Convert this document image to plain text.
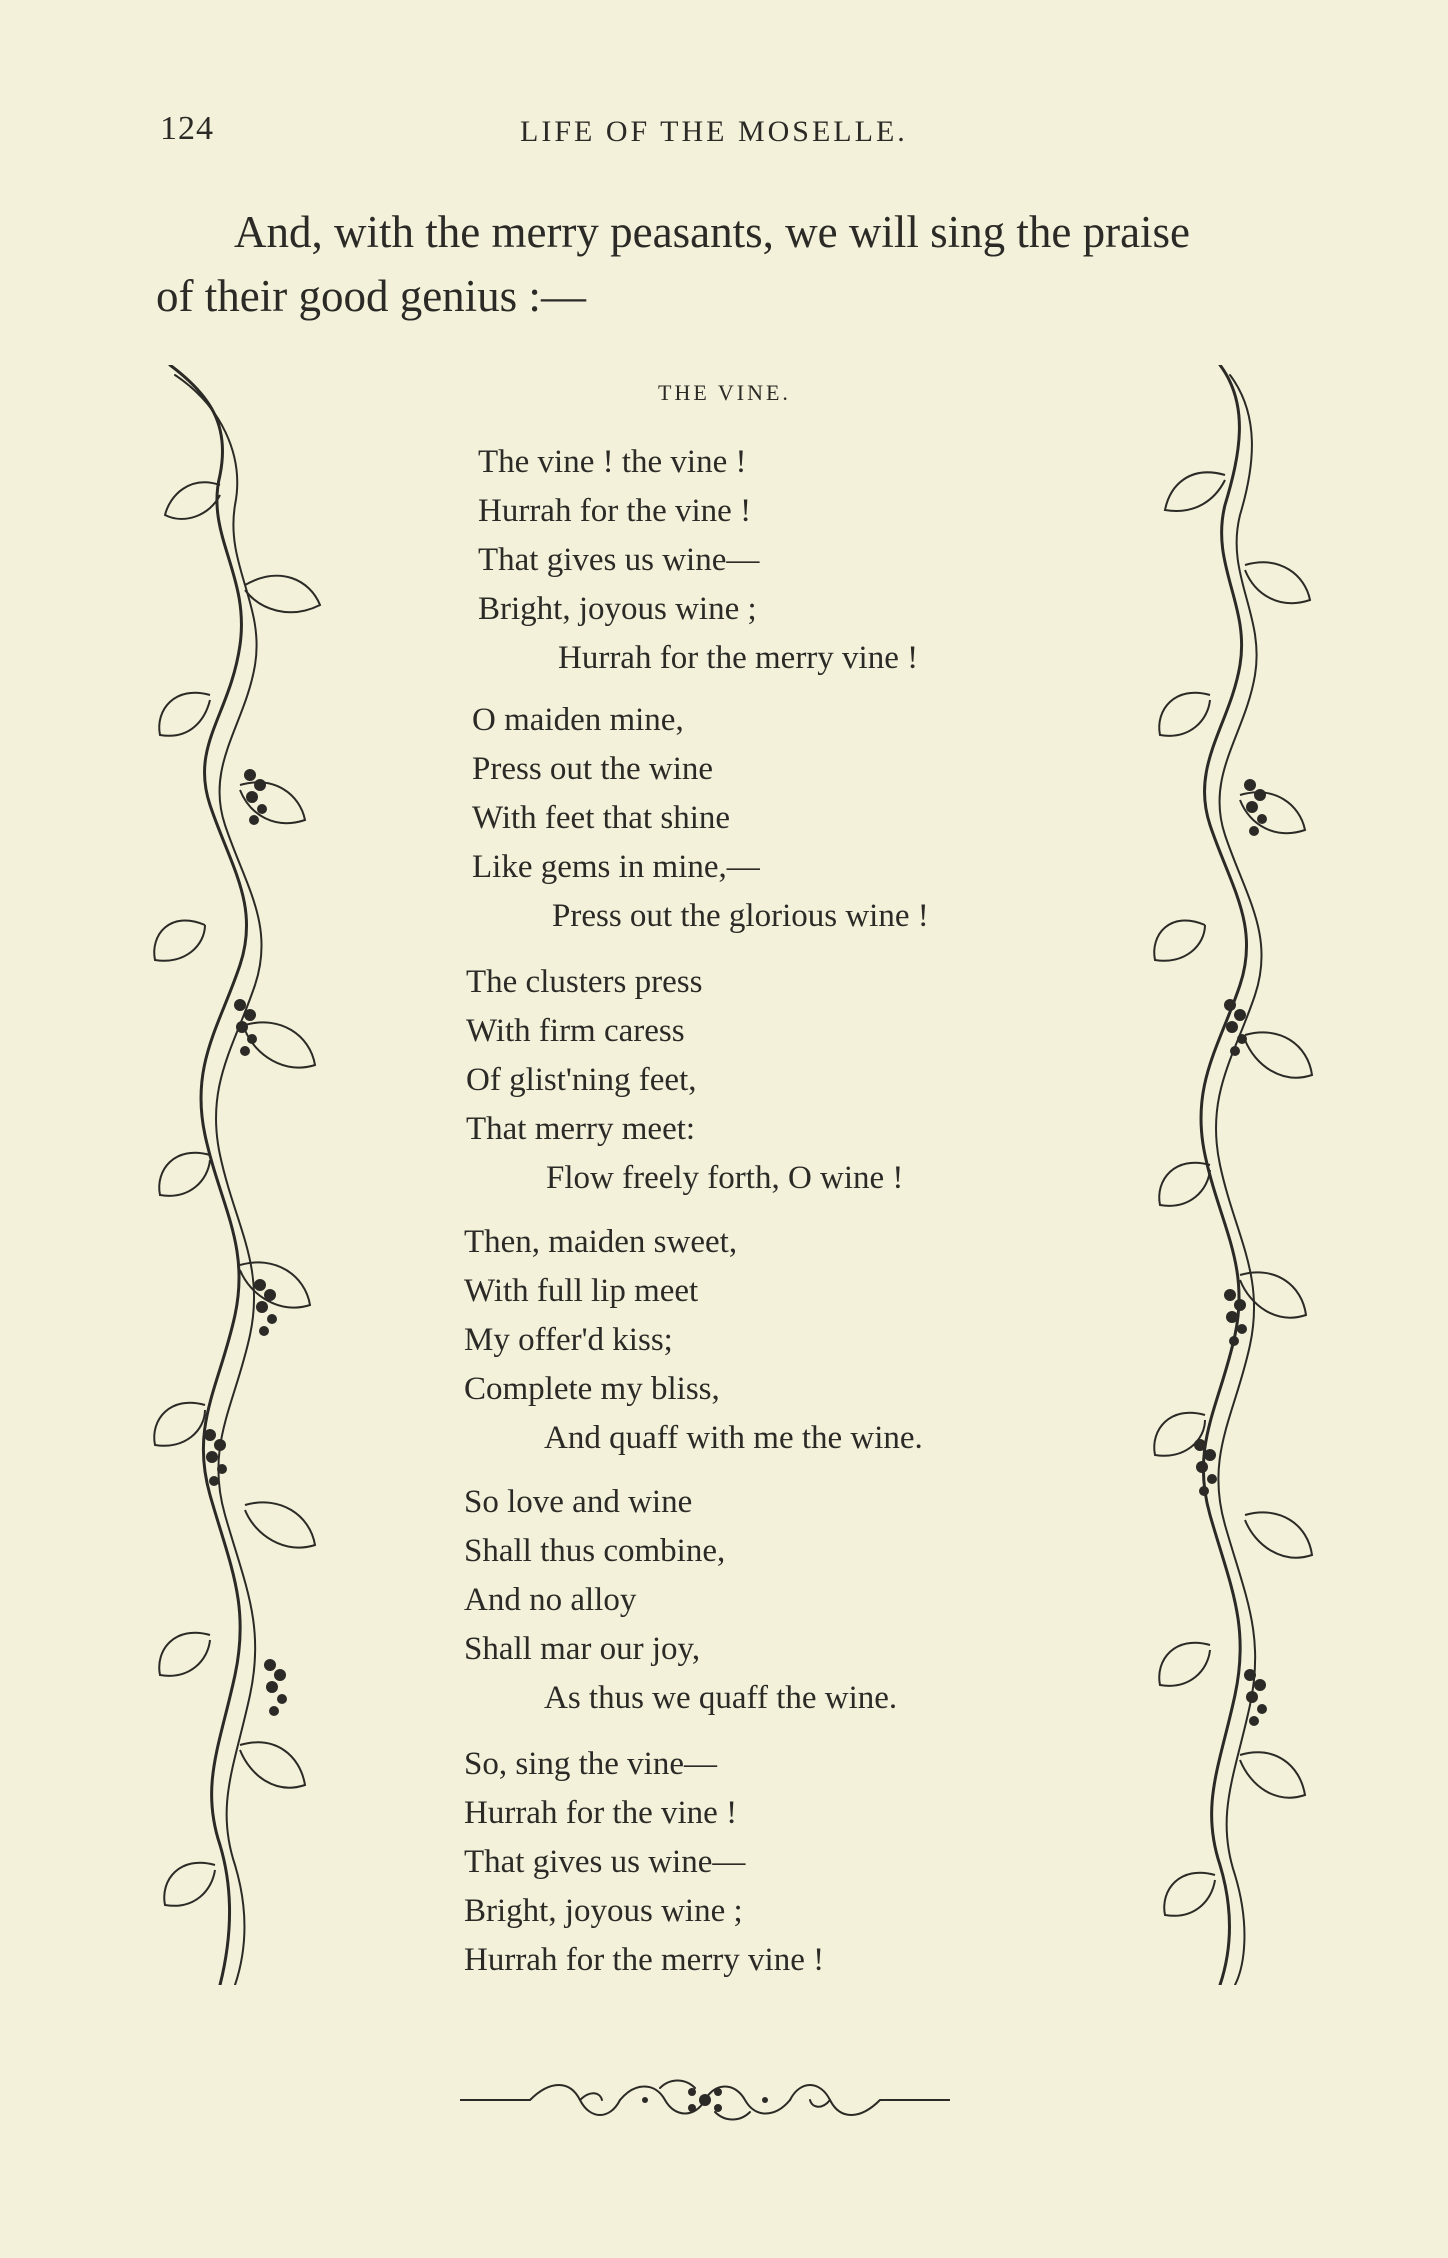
124	LIFE OF THE MOSELLE.
And, with the merry peasants, we will sing the praise
of their good genius :—
THE VINE.
The vine ! the vine !
Hurrah for the vine !
That gives us wine—
Bright, joyous wine ;
Hurrah for the merry vine !
O maiden mine,
Press out the wine
With feet that shine
Like gems in mine,—
Press out the glorious wine !
The clusters press
With firm caress
Of glist'ning feet,
That merry meet:
Flow freely forth, O wine !
Then, maiden sweet,
With full lip meet
My offer'd kiss;
Complete my bliss,
And quaff with me the wine.
So love and wine
Shall thus combine,
And no alloy
Shall mar our joy,
As thus we quaff the wine.
So, sing the vine—
Hurrah for the vine !
That gives us wine—
Bright, joyous wine ;
Hurrah for the merry vine !
